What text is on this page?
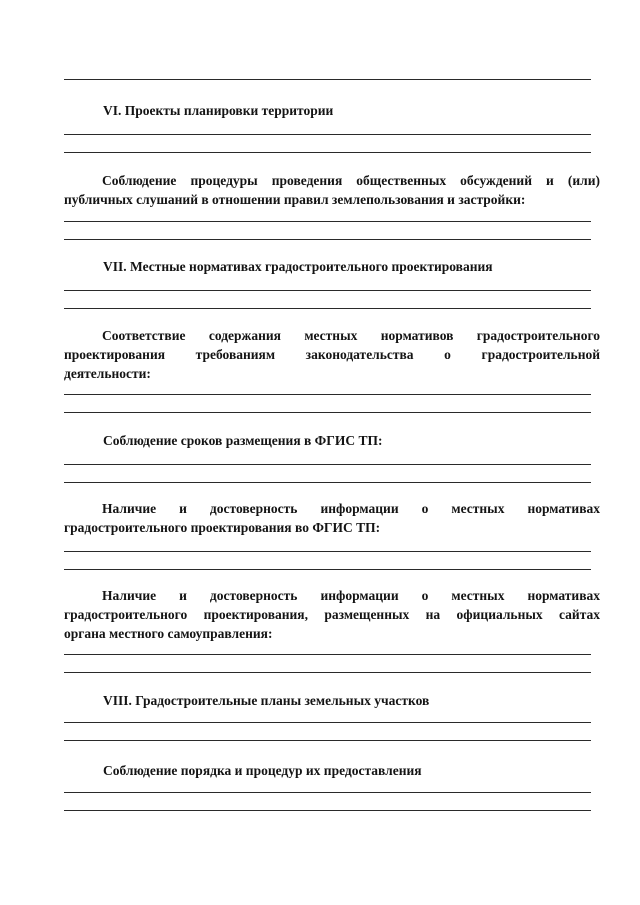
VI. Проекты планировки территории

Соблюдение процедуры проведения общественных обсуждений и (или)
публичных слушаний в отношении правил землепользования и застройки:

VII. Местные нормативах градостроительного проектирования

Соответствие содержания местных нормативов градостроительного
проектирования требованиям законодательства о градостроительной
деятельности:

Соблюдение сроков размещения в ФГИС ТП:

Наличие и достоверность информации о местных нормативах
градостроительного проектирования во ФГИС ТП:
Наличие и достоверность информации о местных нормативах
градостроительного проектирования, размещенных на официальных сайтах
органа местного самоуправления:

VIII. Градостроительные планы земельных участков

Соблюдение порядка и процедур их предоставления
